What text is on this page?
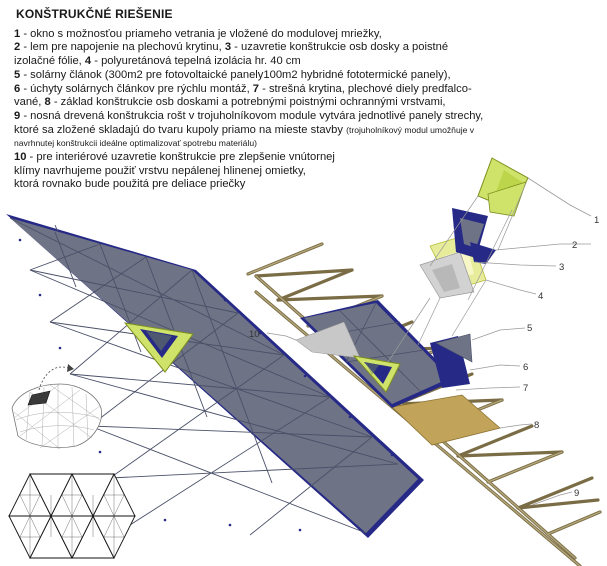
KONŠTRUKČNÉ RIEŠENIE
1 - okno s možnosťou priameho vetrania je vložené do modulovej mriežky,
2 - lem pre napojenie na plechovú krytinu, 3 - uzavretie konštrukcie osb dosky a poistné
izolačné fólie, 4 - polyuretánová tepelná izolácia hr. 40 cm
5 - solárny článok (300m2 pre fotovoltaické panely100m2 hybridné fototermické panely),
6 - úchyty solárnych článkov pre rýchlu montáž, 7 - strešná krytina, plechové diely predfalco-
vané, 8 - základ konštrukcie osb doskami a potrebnými poistnými ochrannými vrstvami,
9 - nosná drevená konštrukcia rošt v trojuholníkovom module vytvára jednotlivé panely strechy,
ktoré sa zložené skladajú do tvaru kupoly priamo na mieste stavby (trojuholníkový modul umožňuje v
navrhnutej konštrukcii ideálne optimalizovať spotrebu materiálu)
10 - pre interiérové uzavretie konštrukcie pre zlepšenie vnútornej
klímy navrhujeme použiť vrstvu nepálenej hlinenej omietky,
ktorá rovnako bude použitá pre deliace priečky
1
2
3
4
5
6
7
8
9
10
